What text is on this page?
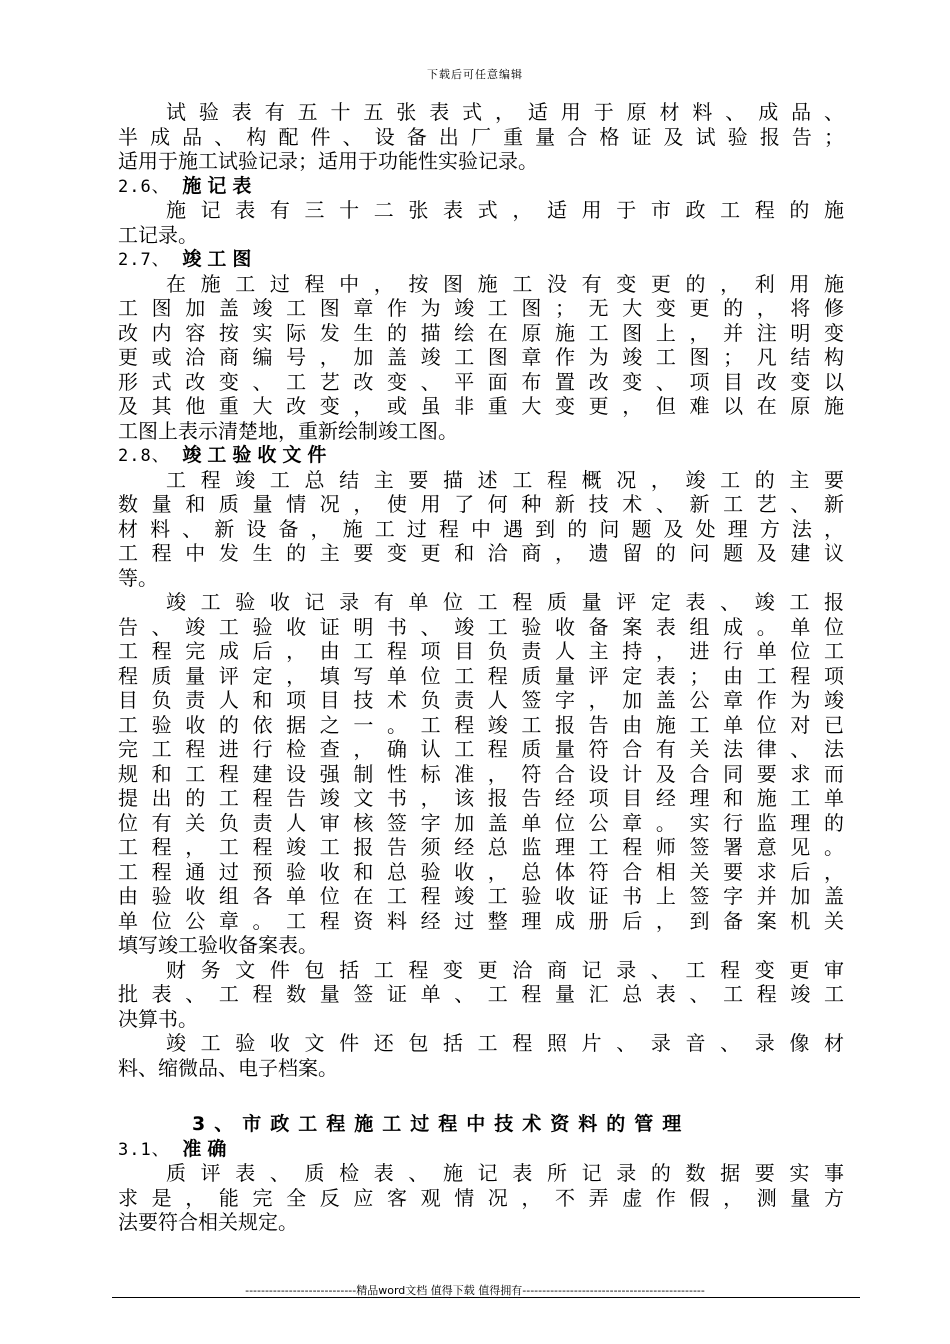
下载后可任意编辑
试验表有五十五张表式，适用于原材料、成品、
半成品、构配件、设备出厂重量合格证及试验报告；
适用于施工试验记录；适用于功能性实验记录。
2.6、 施记表
施记表有三十二张表式，适用于市政工程的施
工记录。
2.7、 竣工图
在施工过程中，按图施工没有变更的，利用施
工图加盖竣工图章作为竣工图；无大变更的，将修
改内容按实际发生的描绘在原施工图上，并注明变
更或洽商编号，加盖竣工图章作为竣工图；凡结构
形式改变、工艺改变、平面布置改变、项目改变以
及其他重大改变，或虽非重大变更，但难以在原施
工图上表示清楚地，重新绘制竣工图。
2.8、 竣工验收文件
工程竣工总结主要描述工程概况，竣工的主要
数量和质量情况，使用了何种新技术、新工艺、新
材料、新设备，施工过程中遇到的问题及处理方法，
工程中发生的主要变更和洽商，遗留的问题及建议
等。
竣工验收记录有单位工程质量评定表、竣工报
告、竣工验收证明书、竣工验收备案表组成。单位
工程完成后，由工程项目负责人主持，进行单位工
程质量评定，填写单位工程质量评定表；由工程项
目负责人和项目技术负责人签字，加盖公章作为竣
工验收的依据之一。工程竣工报告由施工单位对已
完工程进行检查，确认工程质量符合有关法律、法
规和工程建设强制性标准，符合设计及合同要求而
提出的工程告竣文书，该报告经项目经理和施工单
位有关负责人审核签字加盖单位公章。实行监理的
工程，工程竣工报告须经总监理工程师签署意见。
工程通过预验收和总验收，总体符合相关要求后，
由验收组各单位在工程竣工验收证书上签字并加盖
单位公章。工程资料经过整理成册后，到备案机关
填写竣工验收备案表。
财务文件包括工程变更洽商记录、工程变更审
批表、工程数量签证单、工程量汇总表、工程竣工
决算书。
竣工验收文件还包括工程照片、录音、录像材
料、缩微品、电子档案。
3、市政工程施工过程中技术资料的管理
3.1、 准确
质评表、质检表、施记表所记录的数据要实事
求是，能完全反应客观情况，不弄虚作假，测量方
法要符合相关规定。
----------------------------精品word文档 值得下载 值得拥有----------------------------------------------
